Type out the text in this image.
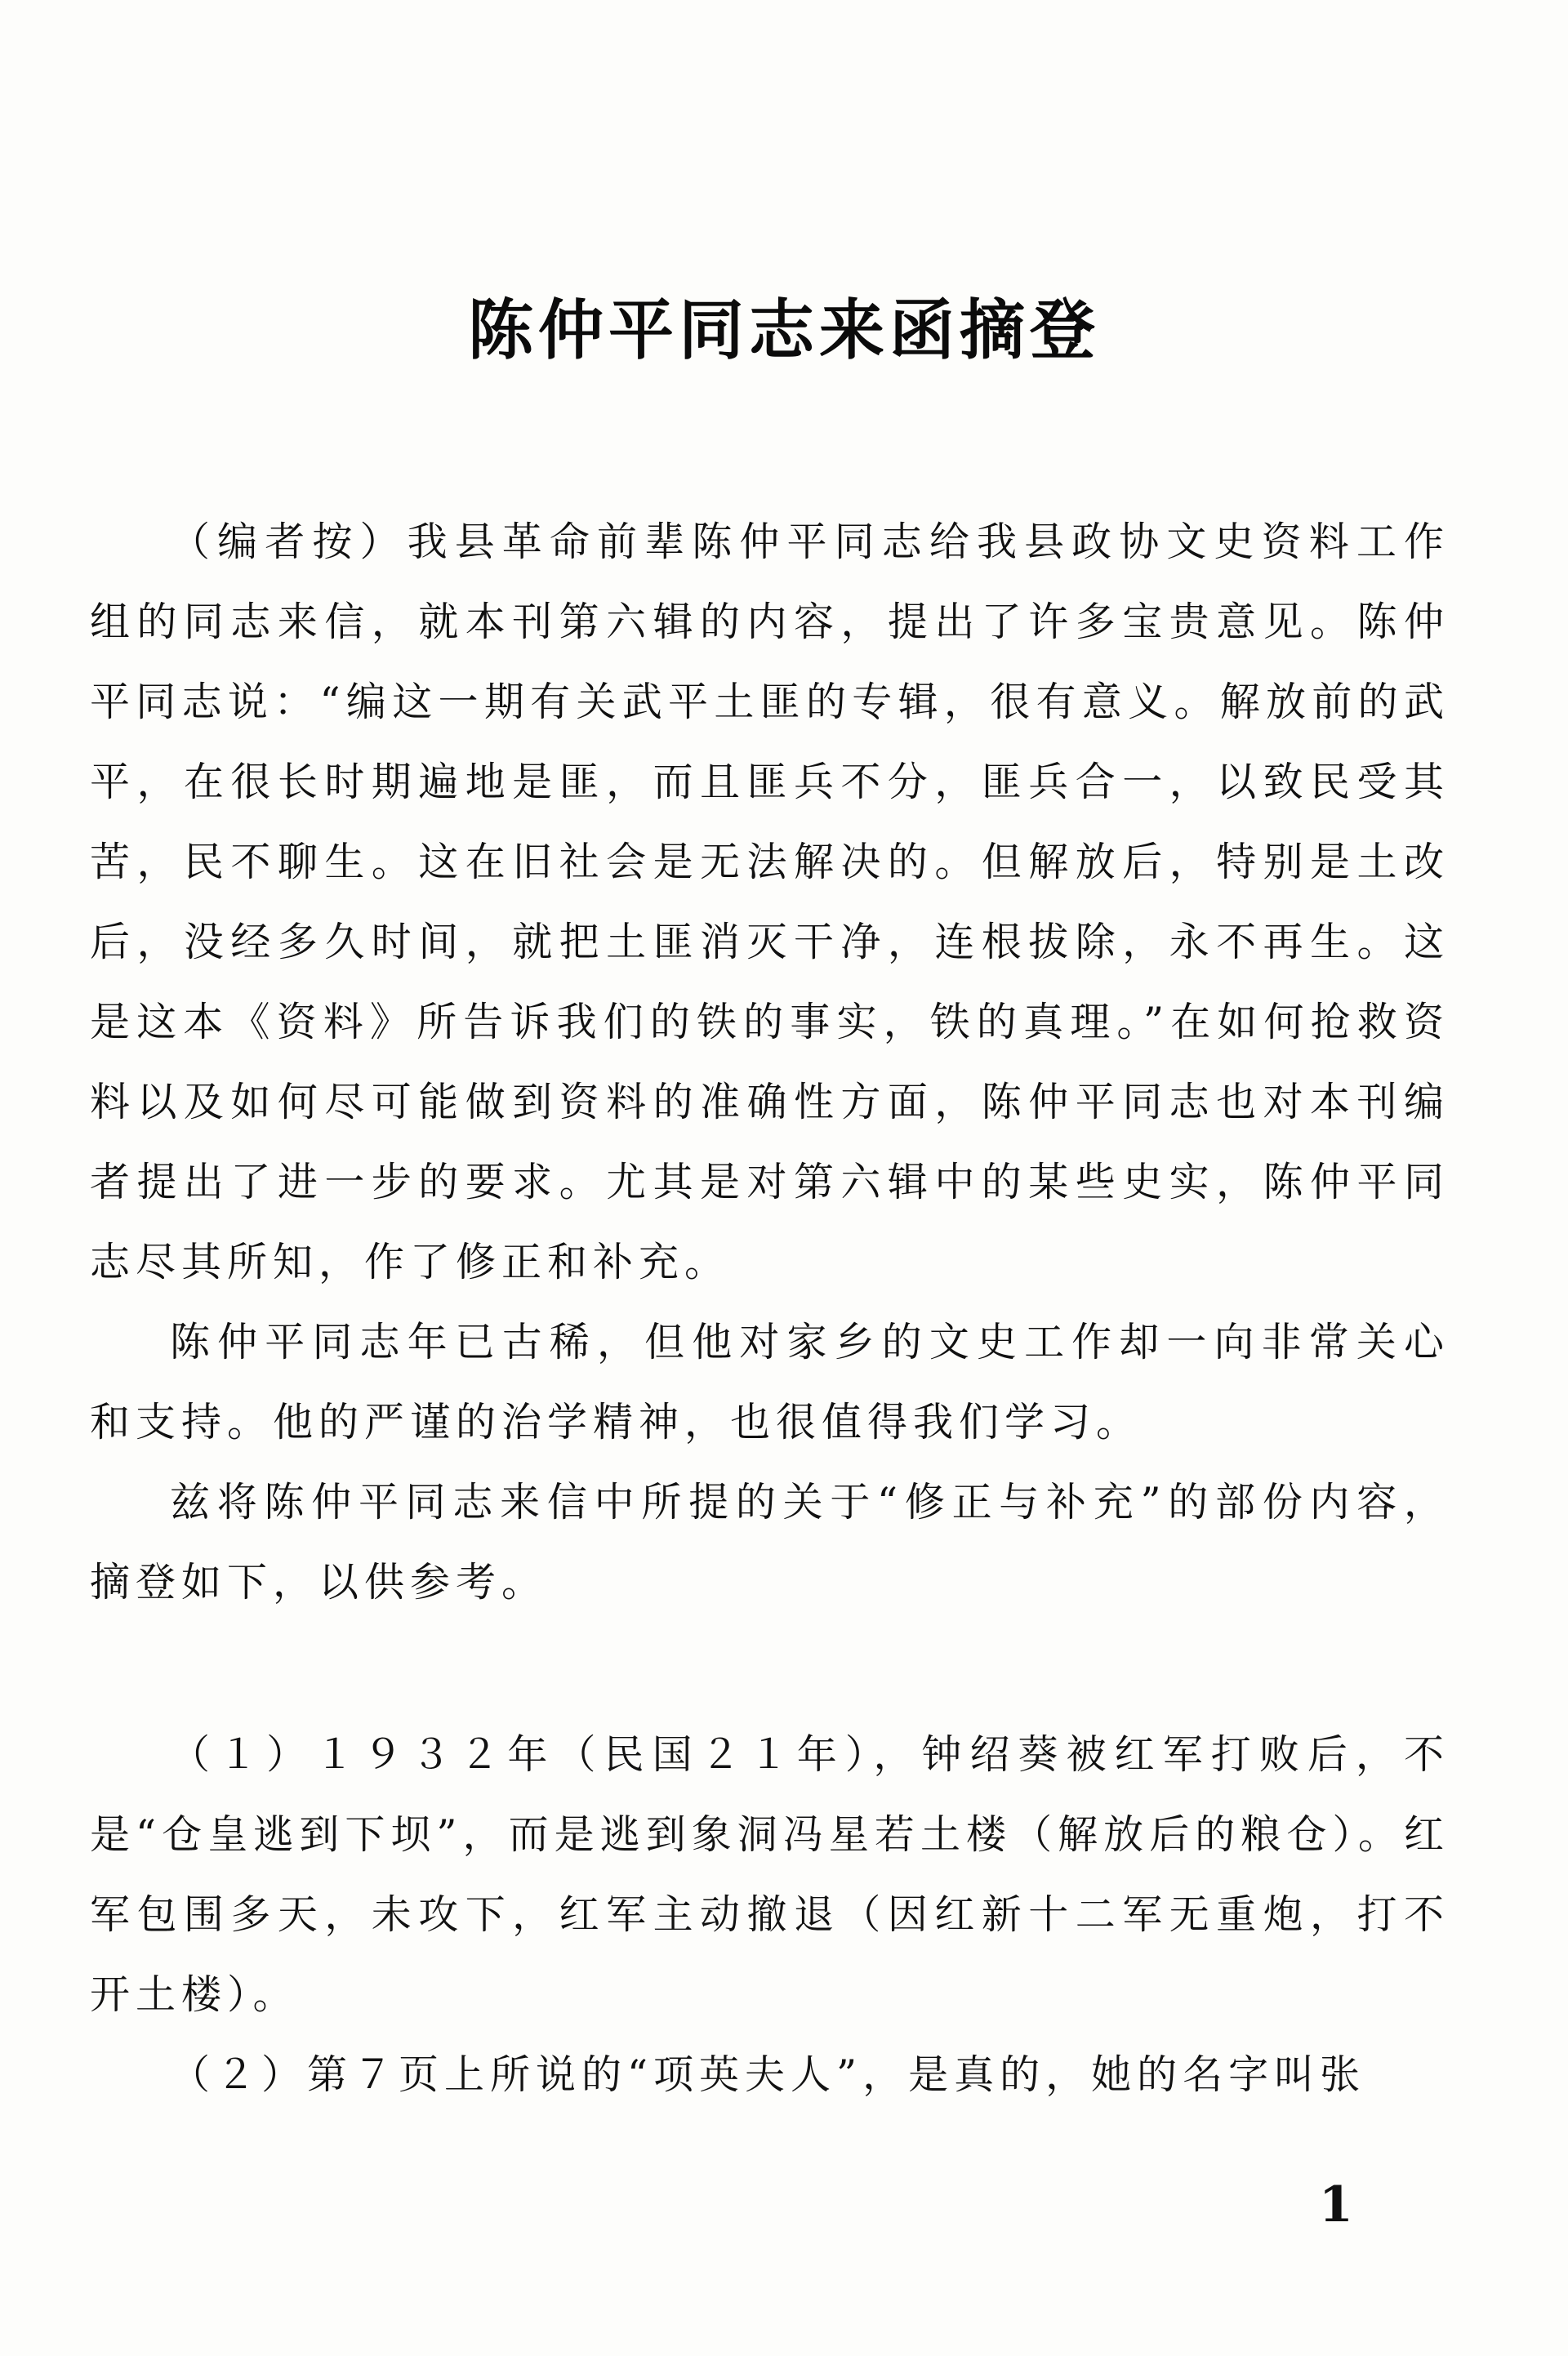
陈仲平同志来函摘登

（编者按）我县革命前辈陈仲平同志给我县政协文史资料工作组的同志来信，就本刊第六辑的内容，提出了许多宝贵意见。陈仲平同志说：“编这一期有关武平土匪的专辑，很有意义。解放前的武平，在很长时期遍地是匪，而且匪兵不分，匪兵合一，以致民受其苦，民不聊生。这在旧社会是无法解决的。但解放后，特别是土改后，没经多久时间，就把土匪消灭干净，连根拔除，永不再生。这是这本《资料》所告诉我们的铁的事实，铁的真理。”在如何抢救资料以及如何尽可能做到资料的准确性方面，陈仲平同志也对本刊编者提出了进一步的要求。尤其是对第六辑中的某些史实，陈仲平同志尽其所知，作了修正和补充。

陈仲平同志年已古稀，但他对家乡的文史工作却一向非常关心和支持。他的严谨的治学精神，也很值得我们学习。

兹将陈仲平同志来信中所提的关于“修正与补充”的部份内容，摘登如下，以供参考。

（１）１９３２年（民国２１年），钟绍葵被红军打败后，不是“仓皇逃到下坝”，而是逃到象洞冯星若土楼（解放后的粮仓）。红军包围多天，未攻下，红军主动撤退（因红新十二军无重炮，打不开土楼）。

（２）第７页上所说的“项英夫人”，是真的，她的名字叫张

1
